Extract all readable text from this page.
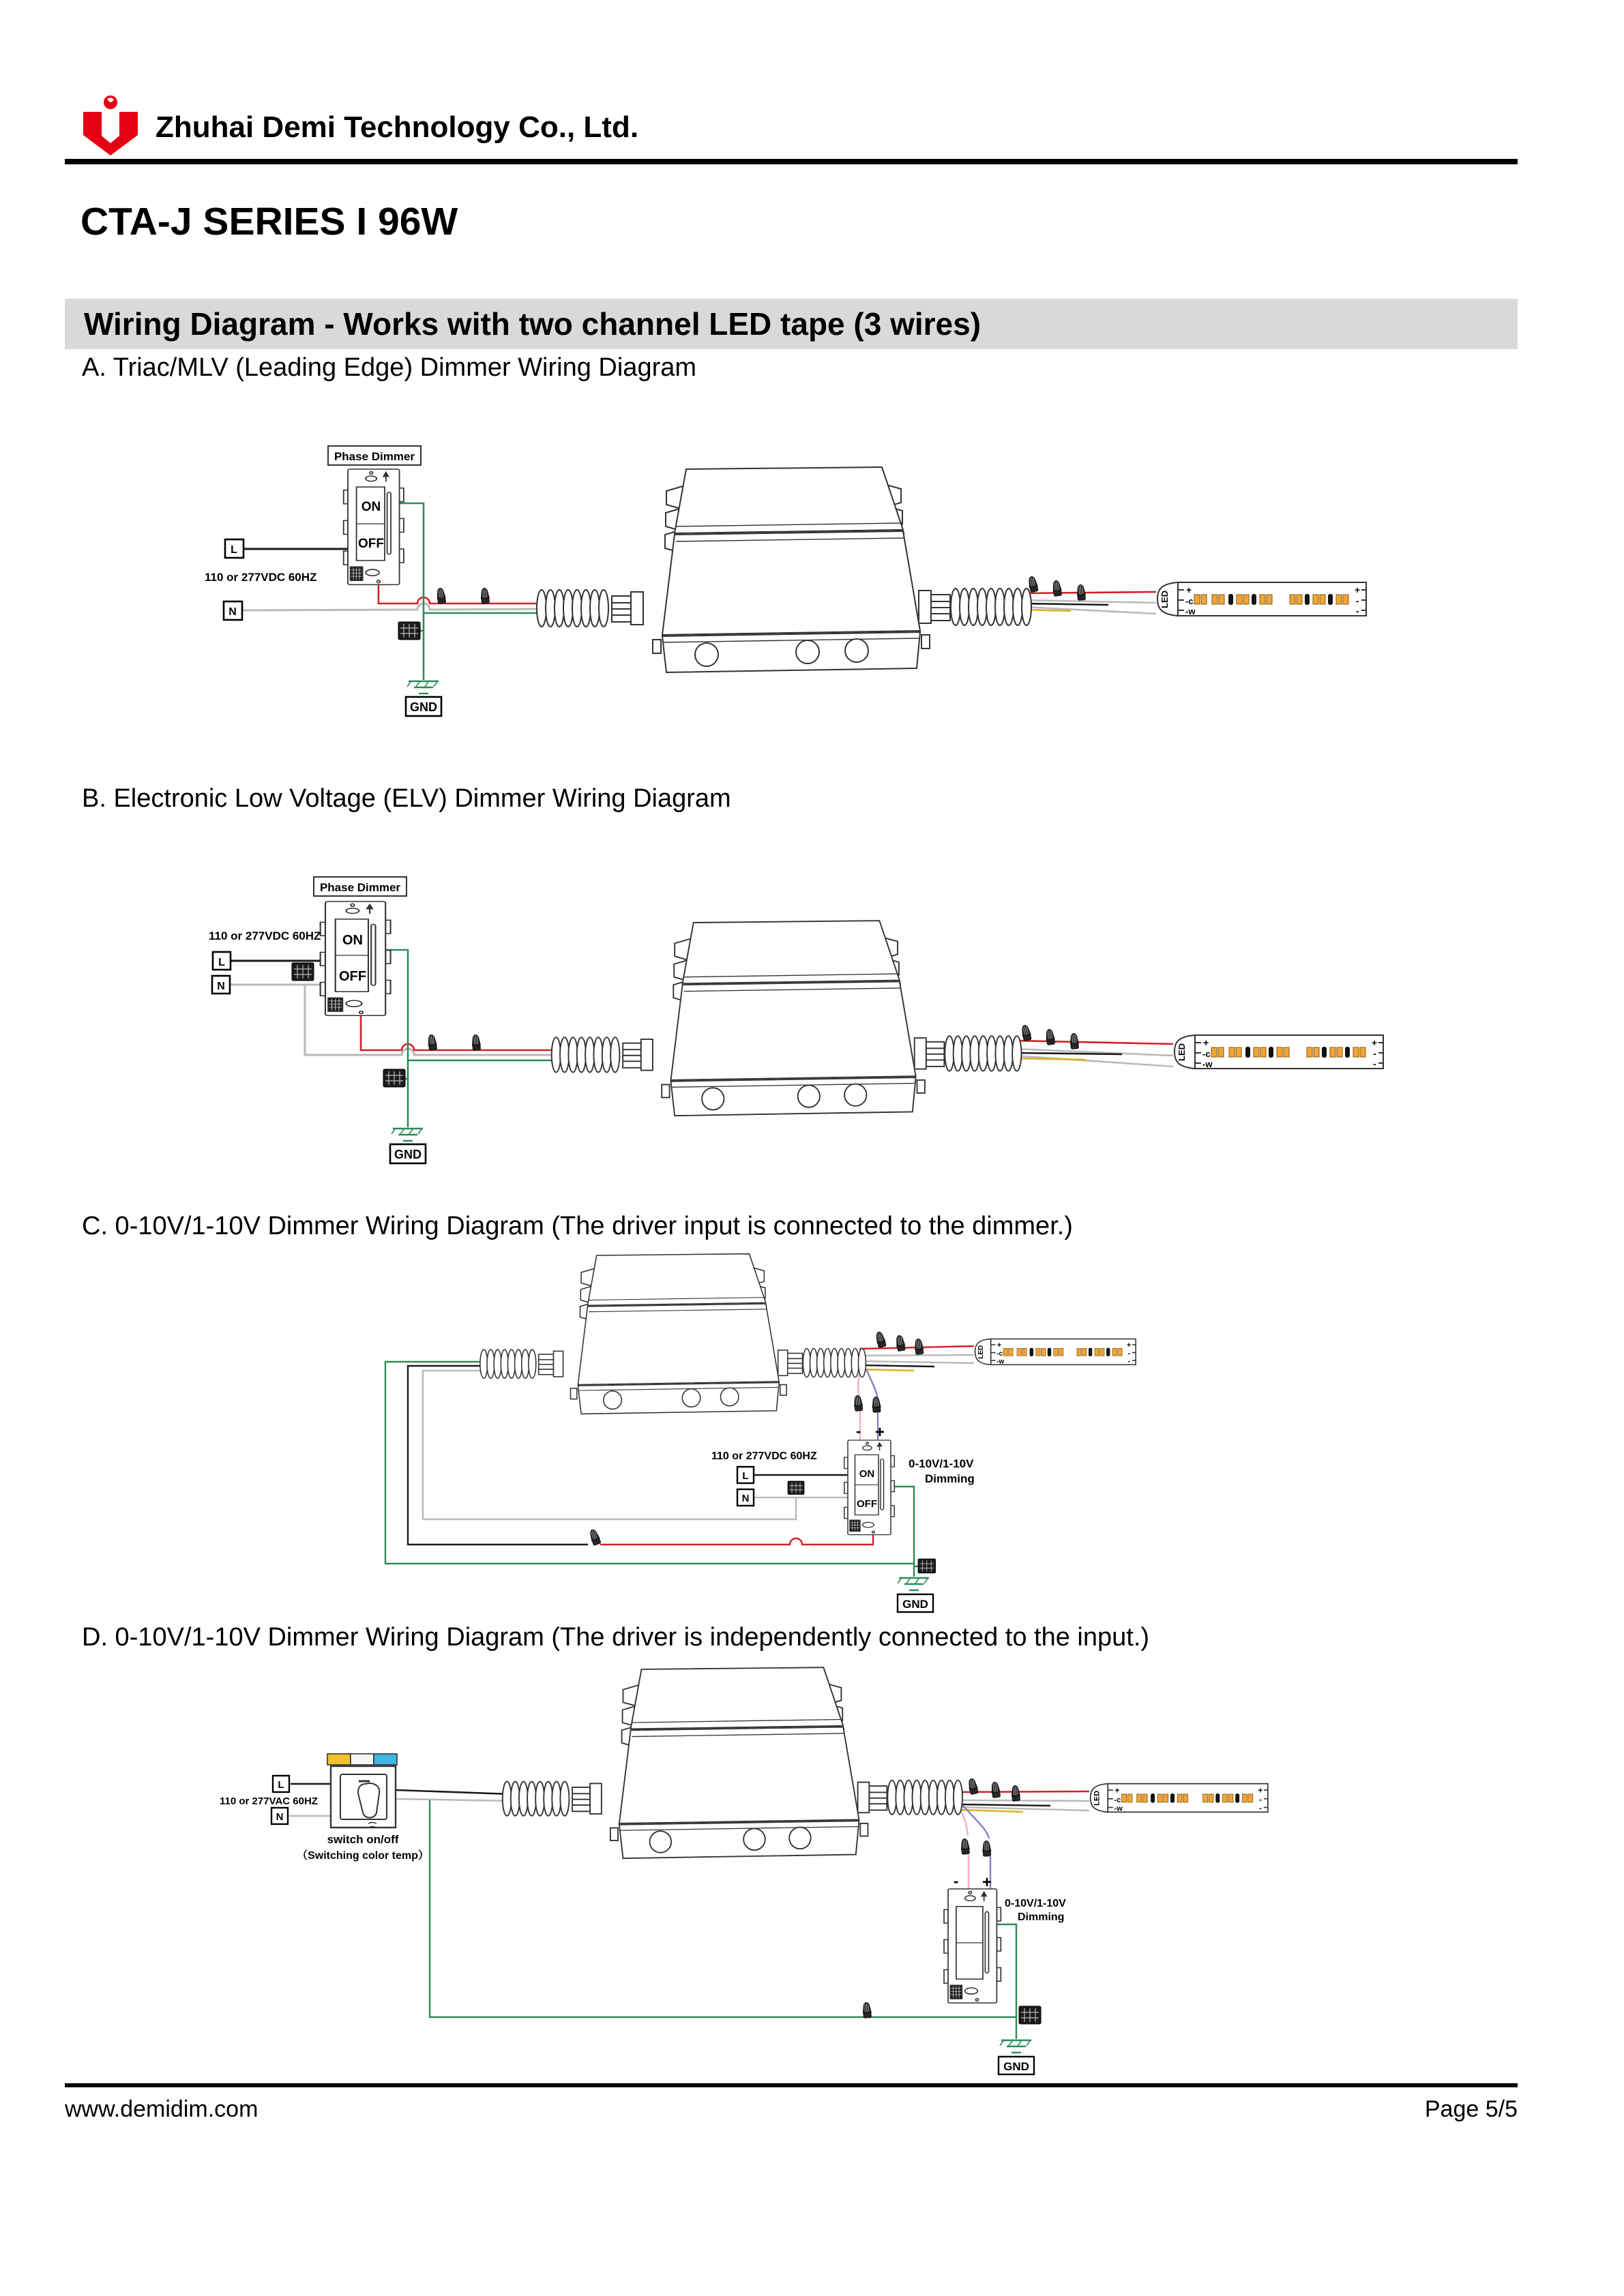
LED
+
-c
-w
+
-
-
ON
OFF
Phase Dimmer
L
110 or 277VDC 60HZ
N
GND
ON
OFF
Phase Dimmer
110 or 277VDC 60HZ
L
N
GND
ON
OFF
- +
110 or 277VDC 60HZ
L
N
0-10V/1-10V
Dimming
GND
- +
0-10V/1-10V
Dimming
110 or 277VAC 60HZ
L
N
switch on/off
（Switching color temp）
GND
Zhuhai Demi Technology Co., Ltd.
CTA-J SERIES I 96W
Wiring Diagram - Works with two channel LED tape (3 wires)
A. Triac/MLV (Leading Edge) Dimmer Wiring Diagram
B. Electronic Low Voltage (ELV) Dimmer Wiring Diagram
C. 0-10V/1-10V Dimmer Wiring Diagram (The driver input is connected to the dimmer.)
D. 0-10V/1-10V Dimmer Wiring Diagram (The driver is independently connected to the input.)
www.demidim.com	Page 5/5
